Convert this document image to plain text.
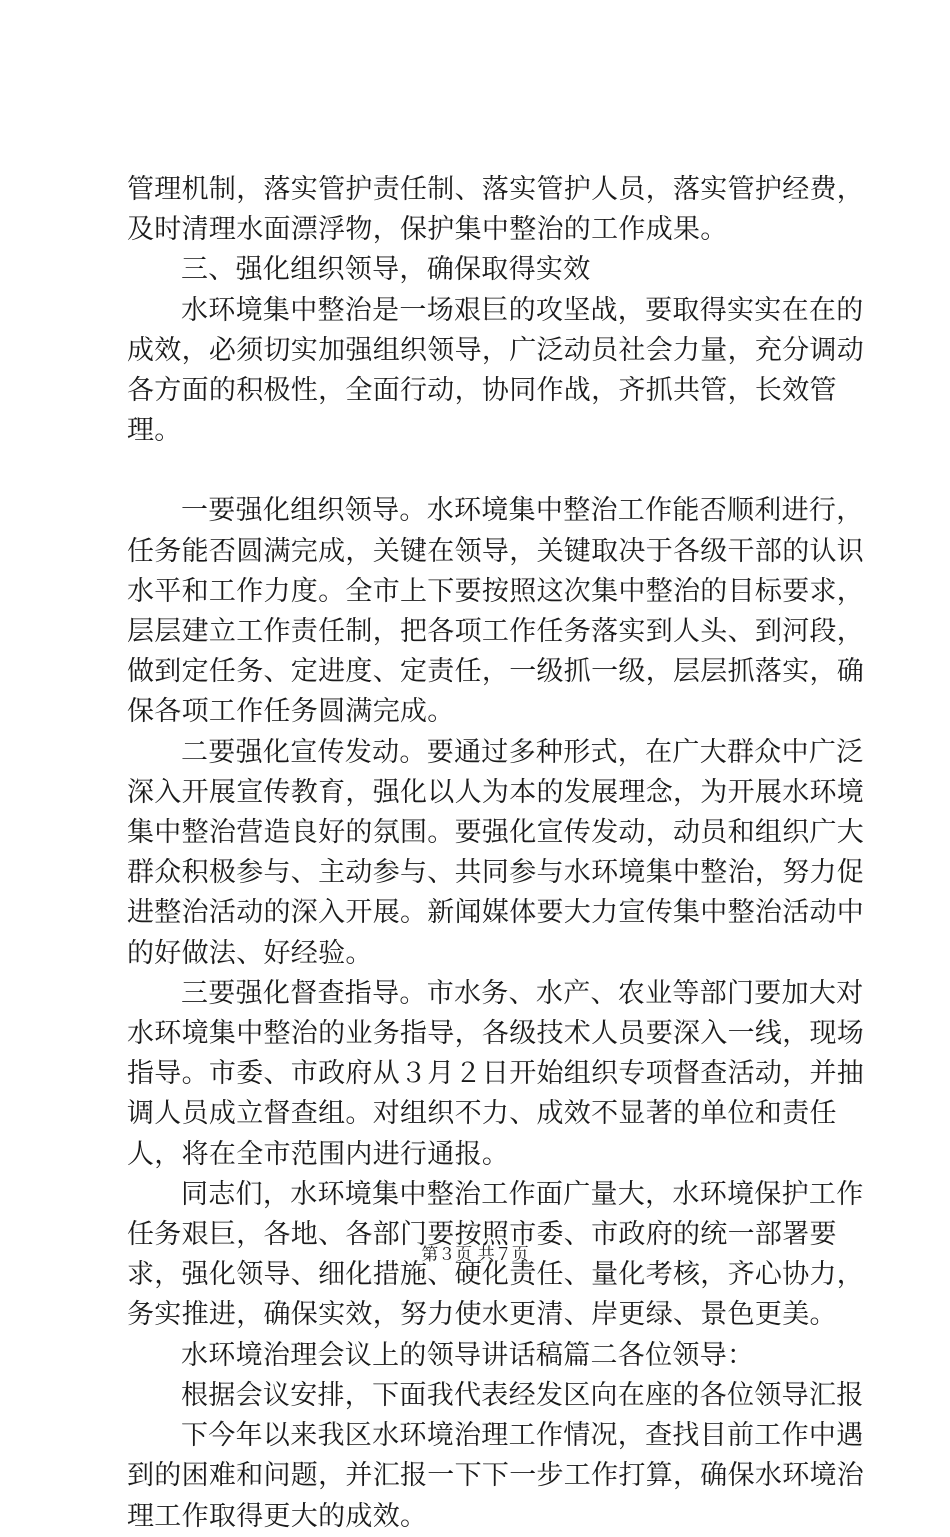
管理机制，落实管护责任制、落实管护人员，落实管护经费，及时清理水面漂浮物，保护集中整治的工作成果。

三、强化组织领导，确保取得实效

水环境集中整治是一场艰巨的攻坚战，要取得实实在在的成效，必须切实加强组织领导，广泛动员社会力量，充分调动各方面的积极性，全面行动，协同作战，齐抓共管，长效管理。

一要强化组织领导。水环境集中整治工作能否顺利进行，任务能否圆满完成，关键在领导，关键取决于各级干部的认识水平和工作力度。全市上下要按照这次集中整治的目标要求，层层建立工作责任制，把各项工作任务落实到人头、到河段，做到定任务、定进度、定责任，一级抓一级，层层抓落实，确保各项工作任务圆满完成。

二要强化宣传发动。要通过多种形式，在广大群众中广泛深入开展宣传教育，强化以人为本的发展理念，为开展水环境集中整治营造良好的氛围。要强化宣传发动，动员和组织广大群众积极参与、主动参与、共同参与水环境集中整治，努力促进整治活动的深入开展。新闻媒体要大力宣传集中整治活动中的好做法、好经验。

三要强化督查指导。市水务、水产、农业等部门要加大对水环境集中整治的业务指导，各级技术人员要深入一线，现场指导。市委、市政府从３月２日开始组织专项督查活动，并抽调人员成立督查组。对组织不力、成效不显著的单位和责任人，将在全市范围内进行通报。

同志们，水环境集中整治工作面广量大，水环境保护工作任务艰巨，各地、各部门要按照市委、市政府的统一部署要求，强化领导、细化措施、硬化责任、量化考核，齐心协力，务实推进，确保实效，努力使水更清、岸更绿、景色更美。

水环境治理会议上的领导讲话稿篇二各位领导：

根据会议安排，下面我代表经发区向在座的各位领导汇报

下今年以来我区水环境治理工作情况，查找目前工作中遇到的困难和问题，并汇报一下下一步工作打算，确保水环境治理工作取得更大的成效。

第３页 共７页
